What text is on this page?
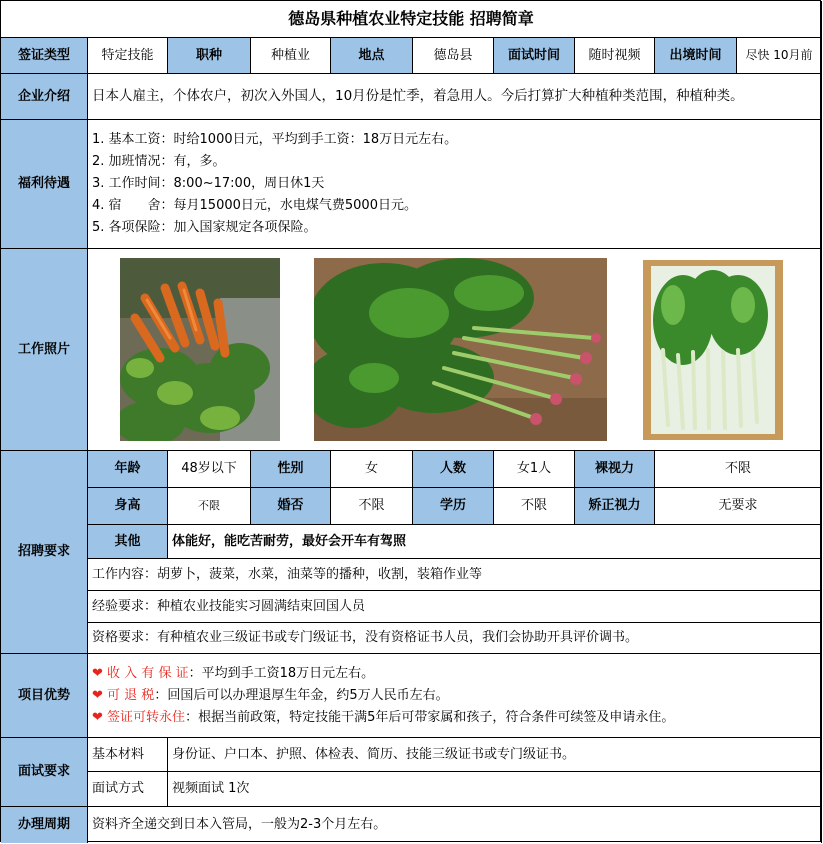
德岛県种植农业特定技能 招聘简章
签证类型	特定技能	职种	种植业	地点	德岛县	面试时间	随时视频	出境时间	尽快 10月前
企业介绍	日本人雇主，个体农户，初次入外国人，10月份是忙季，着急用人。今后打算扩大种植种类范围，种植种类。
福利待遇
1. 基本工资：时给1000日元，平均到手工资：18万日元左右。
2. 加班情况：有，多。
3. 工作时间：8:00~17:00，周日休1天
4. 宿　　舍：每月15000日元，水电煤气费5000日元。
5. 各项保险：加入国家规定各项保险。
工作照片
招聘要求
年龄	48岁以下	性别	女	人数	女1人	裸视力	不限
身高	不限	婚否	不限	学历	不限	矫正视力	无要求
其他	体能好，能吃苦耐劳，最好会开车有驾照
工作内容：胡萝卜，菠菜，水菜，油菜等的播种，收割，装箱作业等
经验要求：种植农业技能实习圆满结束回国人员
资格要求：有种植农业三级证书或专门级证书，没有资格证书人员，我们会协助开具评价调书。
项目优势
❤ 收 入 有 保 证：平均到手工资18万日元左右。
❤ 可 退 税：回国后可以办理退厚生年金，约5万人民币左右。
❤ 签证可转永住：根据当前政策，特定技能干满5年后可带家属和孩子，符合条件可续签及申请永住。
面试要求
基本材料	身份证、户口本、护照、体检表、简历、技能三级证书或专门级证书。
面试方式	视频面试 1次
办理周期	资料齐全递交到日本入管局，一般为2-3个月左右。
